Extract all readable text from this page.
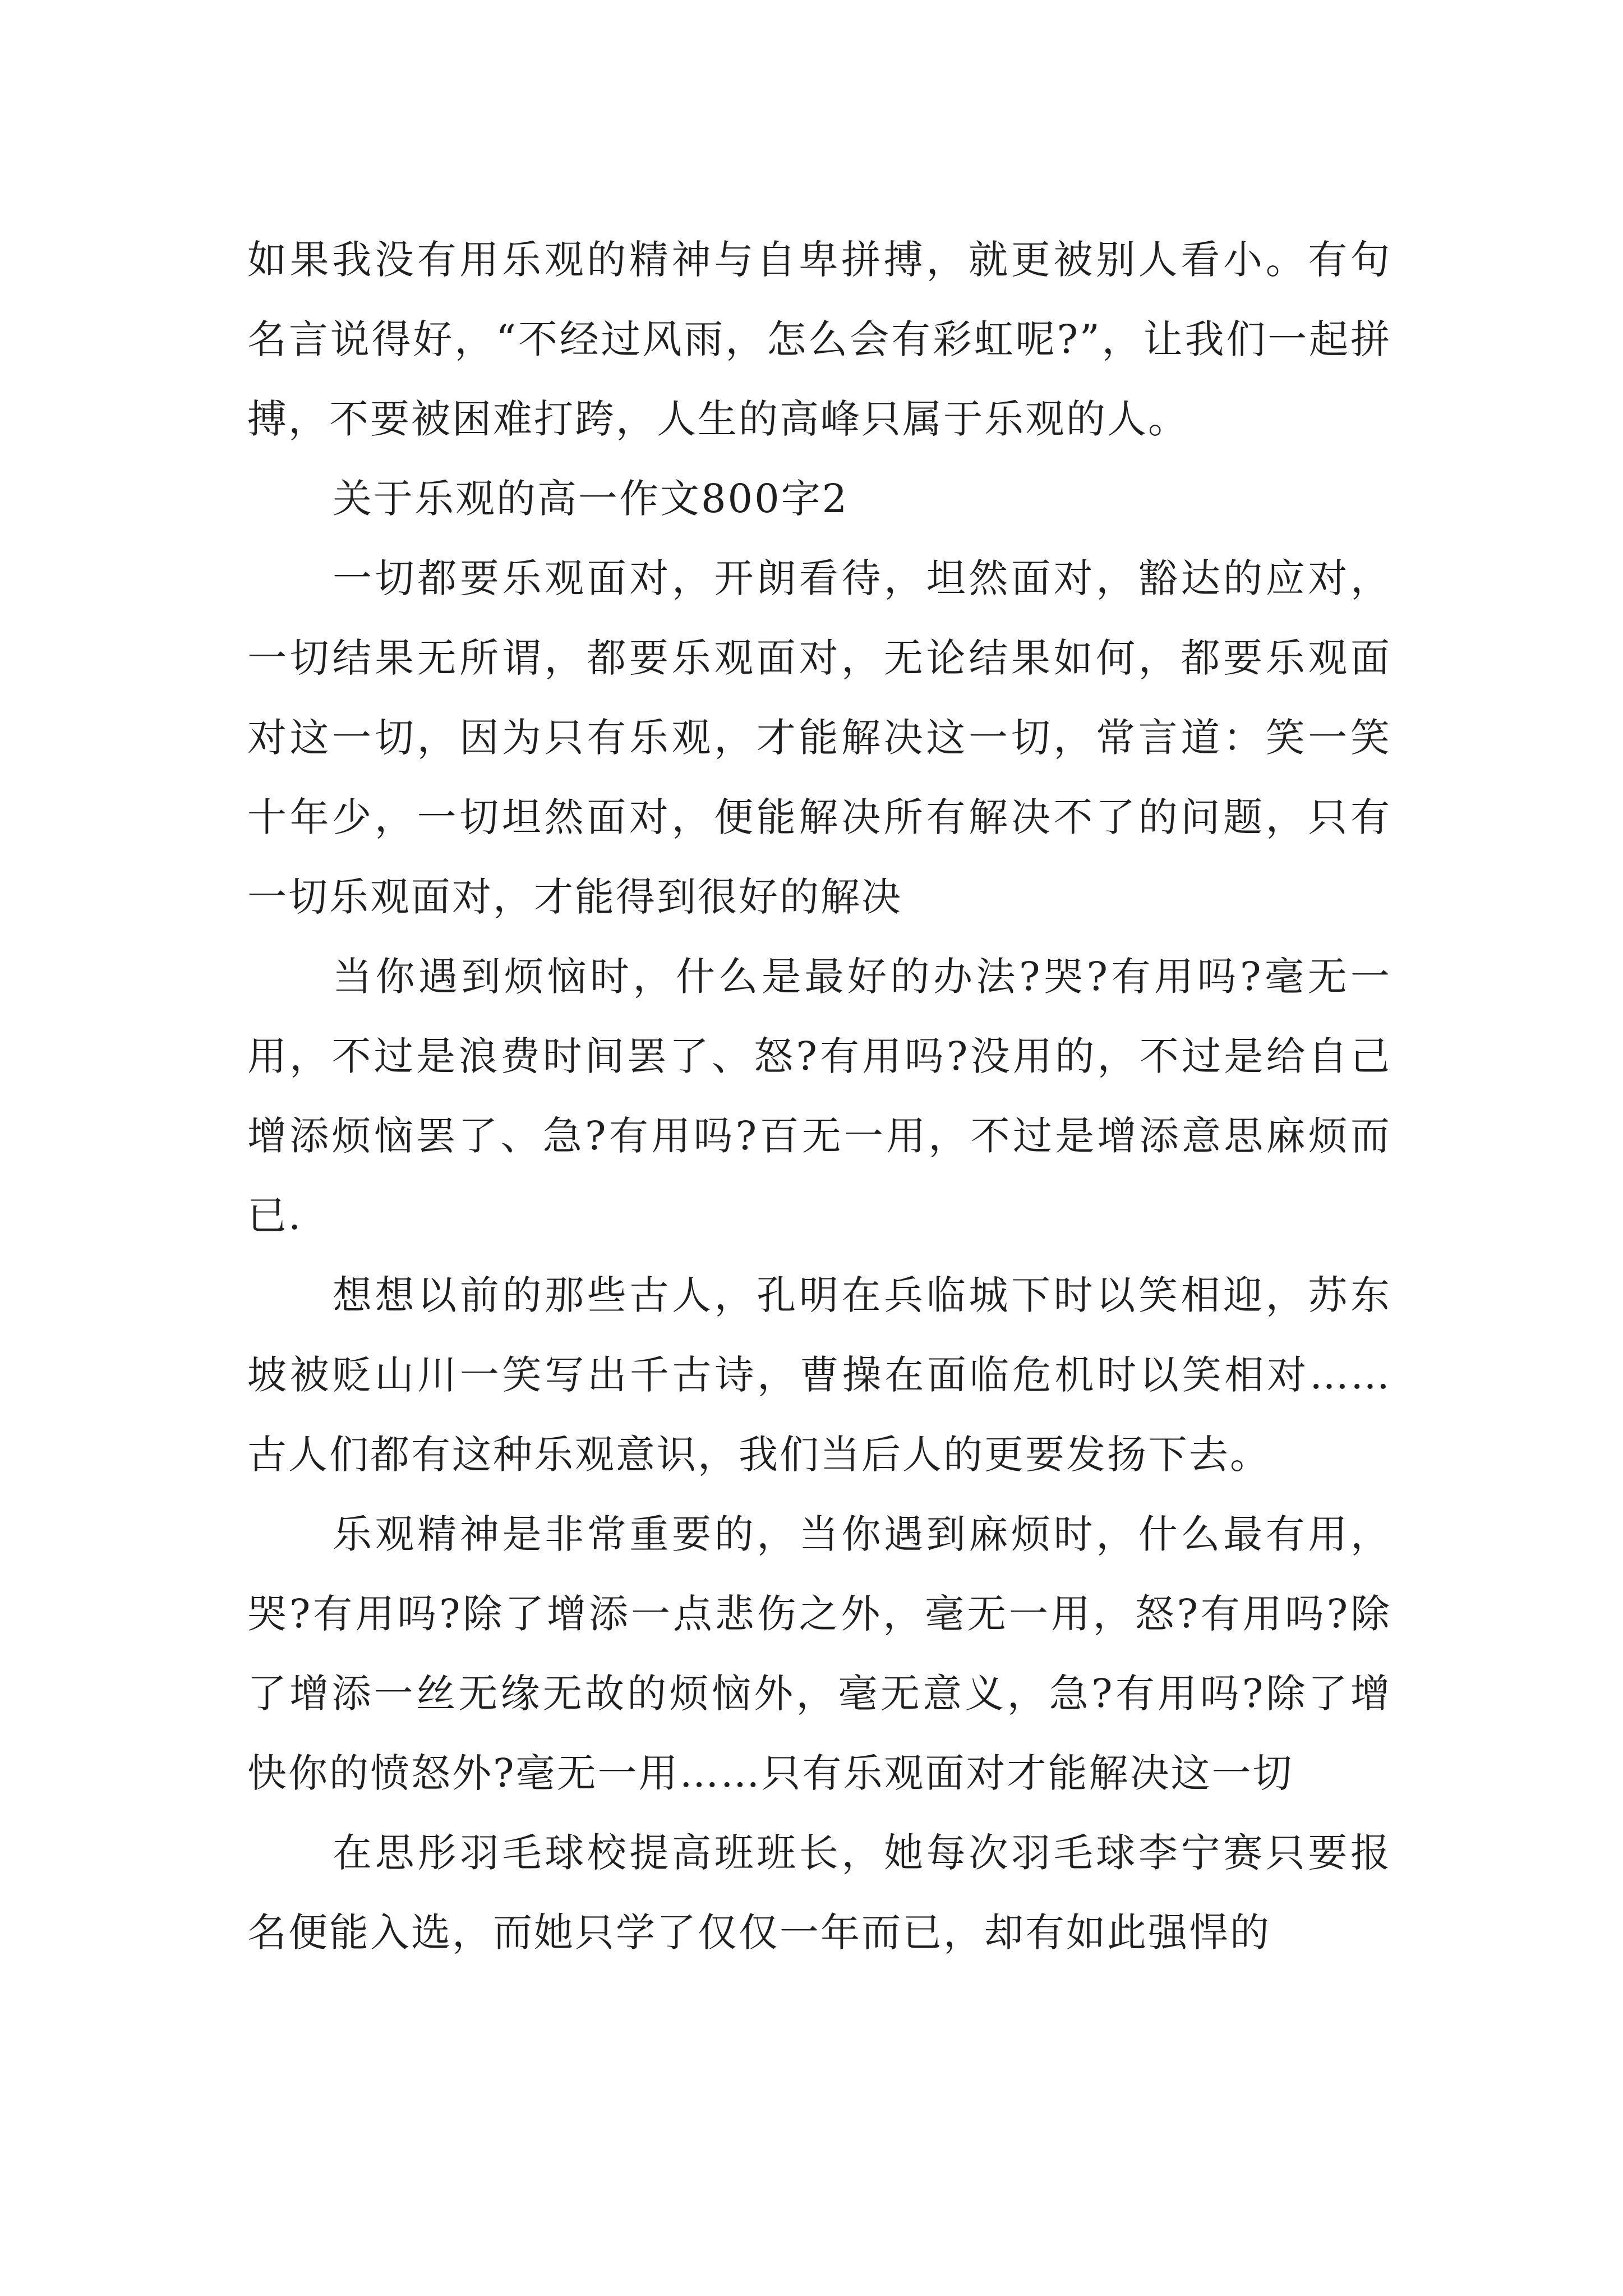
如果我没有用乐观的精神与自卑拼搏，就更被别人看小。有句名言说得好，“不经过风雨，怎么会有彩虹呢?”，让我们一起拼搏，不要被困难打跨，人生的高峰只属于乐观的人。

关于乐观的高一作文800字2

一切都要乐观面对，开朗看待，坦然面对，豁达的应对，一切结果无所谓，都要乐观面对，无论结果如何，都要乐观面对这一切，因为只有乐观，才能解决这一切，常言道：笑一笑十年少，一切坦然面对，便能解决所有解决不了的问题，只有一切乐观面对，才能得到很好的解决

当你遇到烦恼时，什么是最好的办法?哭?有用吗?毫无一用，不过是浪费时间罢了、怒?有用吗?没用的，不过是给自己增添烦恼罢了、急?有用吗?百无一用，不过是增添意思麻烦而已.

想想以前的那些古人，孔明在兵临城下时以笑相迎，苏东坡被贬山川一笑写出千古诗，曹操在面临危机时以笑相对……古人们都有这种乐观意识，我们当后人的更要发扬下去。

乐观精神是非常重要的，当你遇到麻烦时，什么最有用，哭?有用吗?除了增添一点悲伤之外，毫无一用，怒?有用吗?除了增添一丝无缘无故的烦恼外，毫无意义，急?有用吗?除了增快你的愤怒外?毫无一用……只有乐观面对才能解决这一切

在思彤羽毛球校提高班班长，她每次羽毛球李宁赛只要报名便能入选，而她只学了仅仅一年而已，却有如此强悍的
